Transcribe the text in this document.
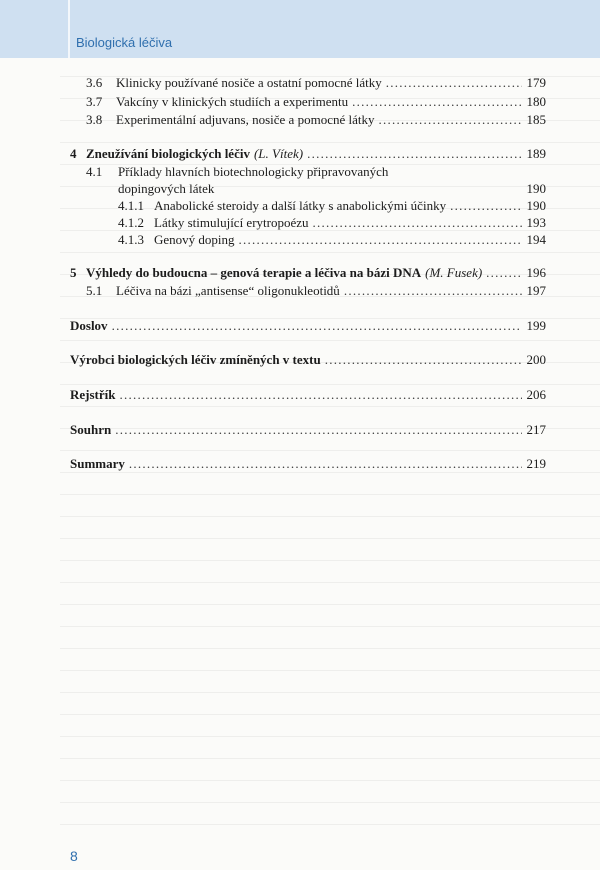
Biologická léčiva
3.6	Klinicky používané nosiče a ostatní pomocné látky . . .	179
3.7	Vakcíny v klinických studiích a experimentu . . .	180
3.8	Experimentální adjuvans, nosiče a pomocné látky . . .	185
4 Zneužívání biologických léčiv (L. Vítek) . . .	189
4.1 Příklady hlavních biotechnologicky připravovaných
dopingových látek	190
4.1.1 Anabolické steroidy a další látky s anabolickými účinky . . .	190
4.1.2 Látky stimulující erytropoézu . . .	193
4.1.3 Genový doping . . .	194
5 Výhledy do budoucna – genová terapie a léčiva na bázi DNA (M. Fusek) . . .	196
5.1	Léčiva na bázi „antisense“ oligonukleotidů . . .	197
Doslov . . .	199
Výrobci biologických léčiv zmíněných v textu . . .	200
Rejstřík . . .	206
Souhrn . . .	217
Summary . . .	219
8
